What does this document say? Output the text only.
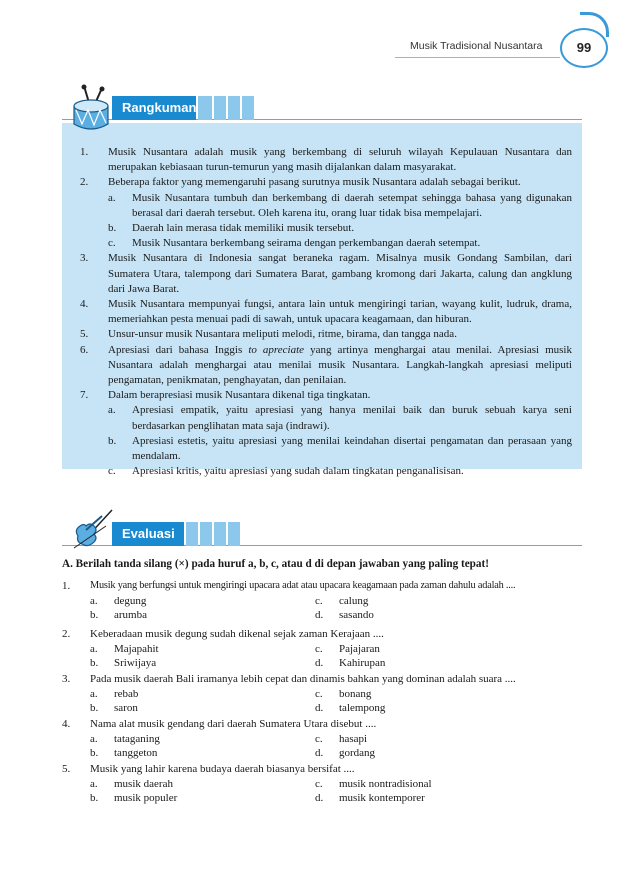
Musik Tradisional Nusantara	99
Rangkuman
1. Musik Nusantara adalah musik yang berkembang di seluruh wilayah Kepulauan Nusantara dan merupakan kebiasaan turun-temurun yang masih dijalankan dalam masyarakat.
2. Beberapa faktor yang memengaruhi pasang surutnya musik Nusantara adalah sebagai berikut.
a. Musik Nusantara tumbuh dan berkembang di daerah setempat sehingga bahasa yang digunakan berasal dari daerah tersebut. Oleh karena itu, orang luar tidak bisa mempelajari.
b. Daerah lain merasa tidak memiliki musik tersebut.
c. Musik Nusantara berkembang seirama dengan perkembangan daerah setempat.
3. Musik Nusantara di Indonesia sangat beraneka ragam. Misalnya musik Gondang Sambilan, dari Sumatera Utara, talempong dari Sumatera Barat, gambang kromong dari Jakarta, calung dan angklung dari Jawa Barat.
4. Musik Nusantara mempunyai fungsi, antara lain untuk mengiringi tarian, wayang kulit, ludruk, drama, memeriahkan pesta menuai padi di sawah, untuk upacara keagamaan, dan hiburan.
5. Unsur-unsur musik Nusantara meliputi melodi, ritme, birama, dan tangga nada.
6. Apresiasi dari bahasa Inggis to apreciate yang artinya menghargai atau menilai. Apresiasi musik Nusantara adalah menghargai atau menilai musik Nusantara. Langkah-langkah apresiasi meliputi pengamatan, penikmatan, penghayatan, dan penilaian.
7. Dalam berapresiasi musik Nusantara dikenal tiga tingkatan.
a. Apresiasi empatik, yaitu apresiasi yang hanya menilai baik dan buruk sebuah karya seni berdasarkan penglihatan mata saja (indrawi).
b. Apresiasi estetis, yaitu apresiasi yang menilai keindahan disertai pengamatan dan perasaan yang mendalam.
c. Apresiasi kritis, yaitu apresiasi yang sudah dalam tingkatan penganalisisan.
Evaluasi
A. Berilah tanda silang (×) pada huruf a, b, c, atau d di depan jawaban yang paling tepat!
1.	Musik yang berfungsi untuk mengiringi upacara adat atau upacara keagamaan pada zaman dahulu adalah ....
a.	degung	c.	calung
b.	arumba	d.	sasando
2.	Keberadaan musik degung sudah dikenal sejak zaman Kerajaan ....
a.	Majapahit	c.	Pajajaran
b.	Sriwijaya	d.	Kahirupan
3.	Pada musik daerah Bali iramanya lebih cepat dan dinamis bahkan yang dominan adalah suara ....
a.	rebab	c.	bonang
b.	saron	d.	talempong
4.	Nama alat musik gendang dari daerah Sumatera Utara disebut ....
a.	tataganing	c.	hasapi
b.	tanggeton	d.	gordang
5.	Musik yang lahir karena budaya daerah biasanya bersifat ....
a.	musik daerah	c.	musik nontradisional
b.	musik populer	d.	musik kontemporer
